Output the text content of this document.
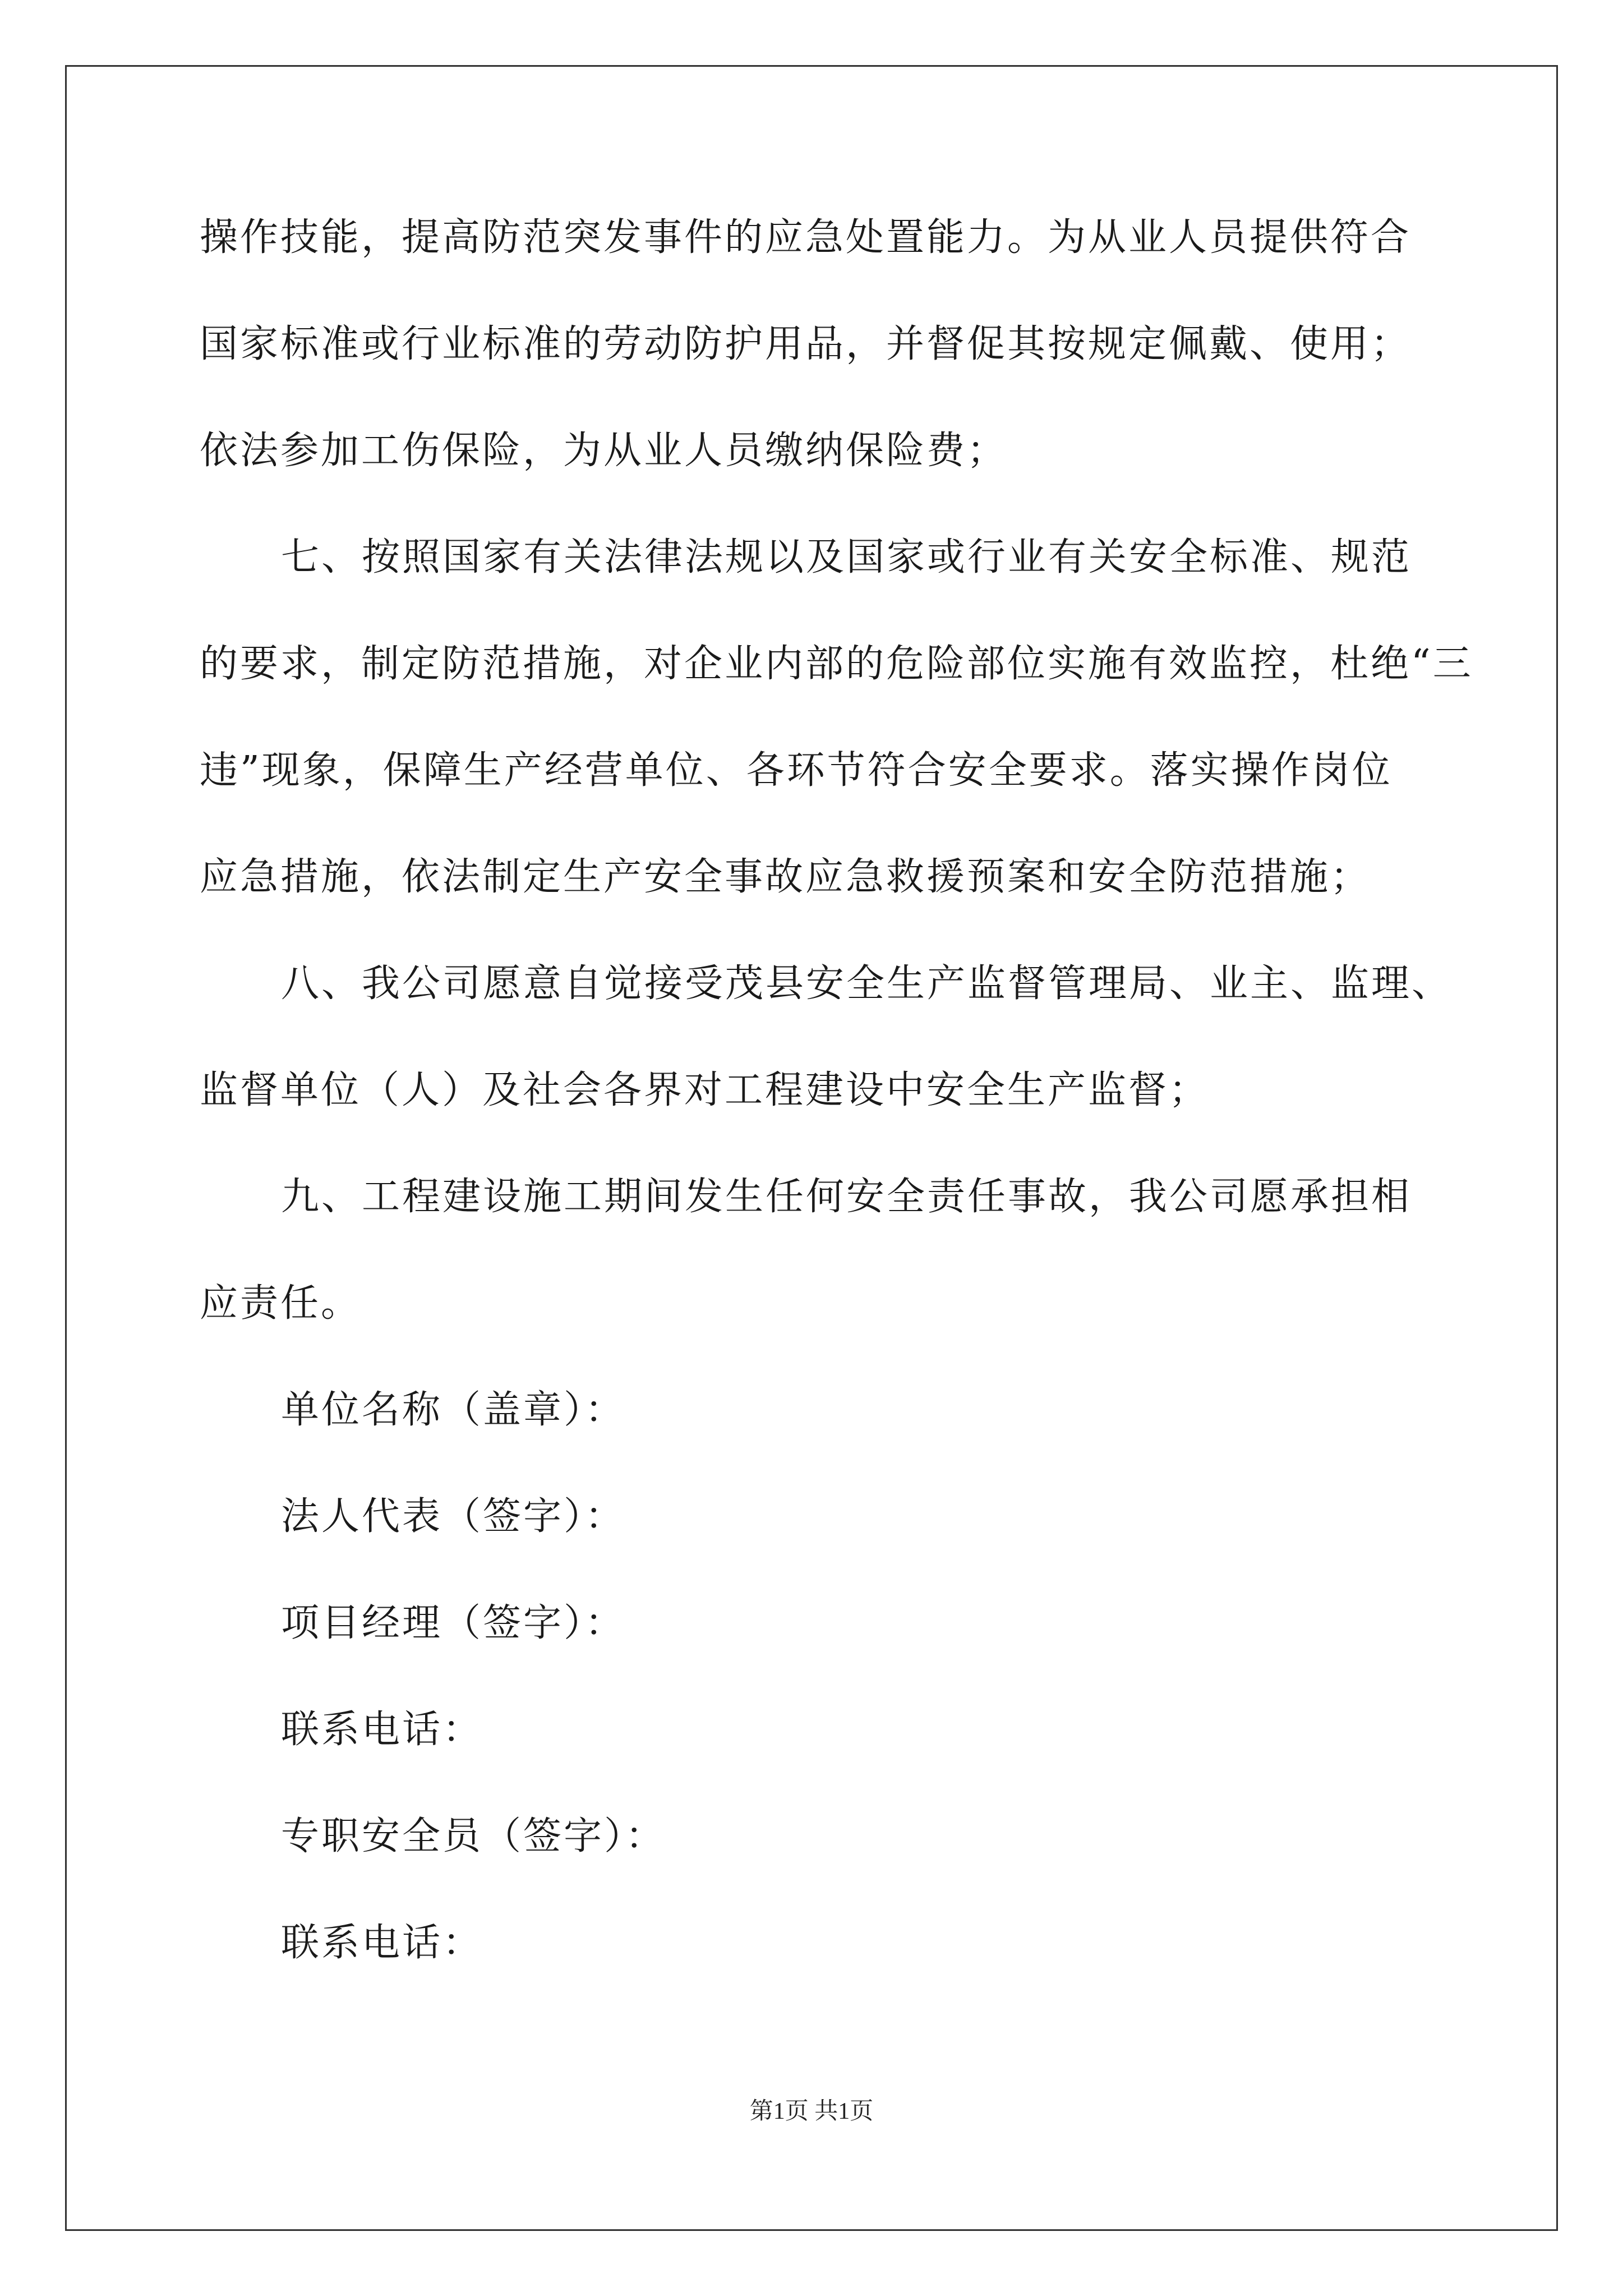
操作技能，提高防范突发事件的应急处置能力。为从业人员提供符合
国家标准或行业标准的劳动防护用品，并督促其按规定佩戴、使用；
依法参加工伤保险，为从业人员缴纳保险费；
七、按照国家有关法律法规以及国家或行业有关安全标准、规范
的要求，制定防范措施，对企业内部的危险部位实施有效监控，杜绝“三
违”现象，保障生产经营单位、各环节符合安全要求。落实操作岗位
应急措施，依法制定生产安全事故应急救援预案和安全防范措施；
八、我公司愿意自觉接受茂县安全生产监督管理局、业主、监理、
监督单位（人）及社会各界对工程建设中安全生产监督；
九、工程建设施工期间发生任何安全责任事故，我公司愿承担相
应责任。
单位名称（盖章）：
法人代表（签字）：
项目经理（签字）：
联系电话：
专职安全员（签字）：
联系电话：
第1页 共1页
